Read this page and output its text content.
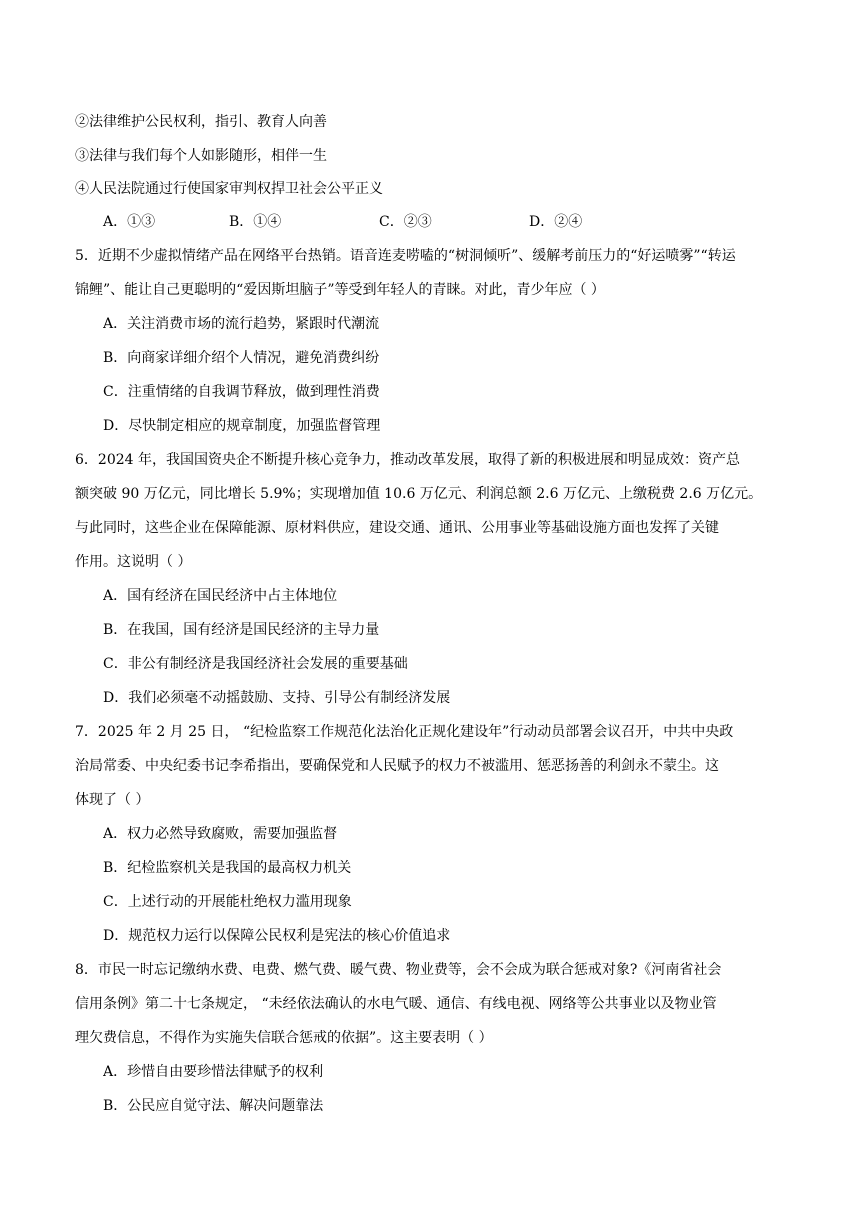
②法律维护公民权利，指引、教育人向善
③法律与我们每个人如影随形，相伴一生
④人民法院通过行使国家审判权捍卫社会公平正义
A．①③	B．①④	C．②③	D．②④
5．近期不少虚拟情绪产品在网络平台热销。语音连麦唠嗑的“树洞倾听”、缓解考前压力的“好运喷雾”“转运
锦鲤”、能让自己更聪明的“爱因斯坦脑子”等受到年轻人的青睐。对此，青少年应（ ）
A．关注消费市场的流行趋势，紧跟时代潮流
B．向商家详细介绍个人情况，避免消费纠纷
C．注重情绪的自我调节释放，做到理性消费
D．尽快制定相应的规章制度，加强监督管理
6．2024 年，我国国资央企不断提升核心竞争力，推动改革发展，取得了新的积极进展和明显成效：资产总
额突破 90 万亿元，同比增长 5.9%；实现增加值 10.6 万亿元、利润总额 2.6 万亿元、上缴税费 2.6 万亿元。
与此同时，这些企业在保障能源、原材料供应，建设交通、通讯、公用事业等基础设施方面也发挥了关键
作用。这说明（ ）
A．国有经济在国民经济中占主体地位
B．在我国，国有经济是国民经济的主导力量
C．非公有制经济是我国经济社会发展的重要基础
D．我们必须毫不动摇鼓励、支持、引导公有制经济发展
7．2025 年 2 月 25 日， “纪检监察工作规范化法治化正规化建设年”行动动员部署会议召开，中共中央政
治局常委、中央纪委书记李希指出，要确保党和人民赋予的权力不被滥用、惩恶扬善的利剑永不蒙尘。这
体现了（ ）
A．权力必然导致腐败，需要加强监督
B．纪检监察机关是我国的最高权力机关
C．上述行动的开展能杜绝权力滥用现象
D．规范权力运行以保障公民权利是宪法的核心价值追求
8．市民一时忘记缴纳水费、电费、燃气费、暖气费、物业费等，会不会成为联合惩戒对象?《河南省社会
信用条例》第二十七条规定， “未经依法确认的水电气暖、通信、有线电视、网络等公共事业以及物业管
理欠费信息，不得作为实施失信联合惩戒的依据”。这主要表明（ ）
A．珍惜自由要珍惜法律赋予的权利
B．公民应自觉守法、解决问题靠法
